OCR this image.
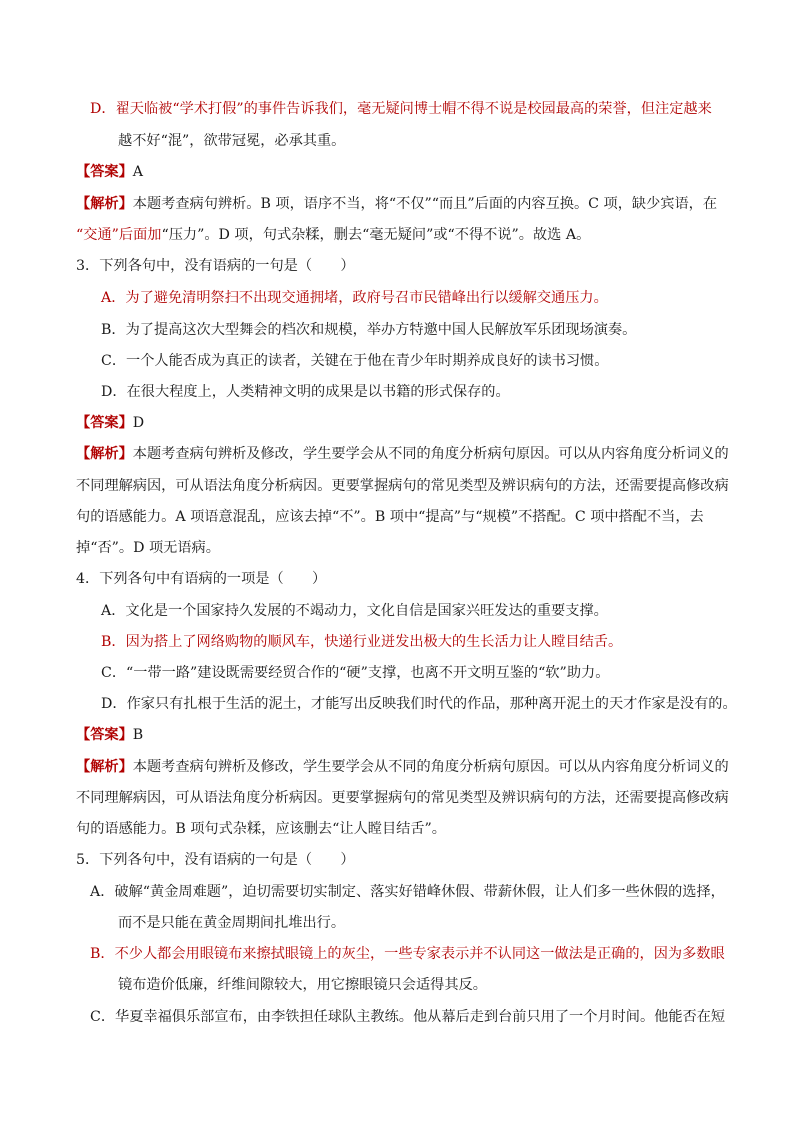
D．翟天临被“学术打假”的事件告诉我们，毫无疑问博士帽不得不说是校园最高的荣誉，但注定越来
越不好“混”，欲带冠冕，必承其重。
【答案】A
【解析】本题考查病句辨析。B 项，语序不当，将“不仅”“而且”后面的内容互换。C 项，缺少宾语，在
“交通”后面加“压力”。D 项，句式杂糅，删去“毫无疑问”或“不得不说”。故选 A。
3．下列各句中，没有语病的一句是（　　）
A．为了避免清明祭扫不出现交通拥堵，政府号召市民错峰出行以缓解交通压力。
B．为了提高这次大型舞会的档次和规模，举办方特邀中国人民解放军乐团现场演奏。
C．一个人能否成为真正的读者，关键在于他在青少年时期养成良好的读书习惯。
D．在很大程度上，人类精神文明的成果是以书籍的形式保存的。
【答案】D
【解析】本题考查病句辨析及修改，学生要学会从不同的角度分析病句原因。可以从内容角度分析词义的
不同理解病因，可从语法角度分析病因。更要掌握病句的常见类型及辨识病句的方法，还需要提高修改病
句的语感能力。A 项语意混乱，应该去掉“不”。B 项中“提高”与“规模”不搭配。C 项中搭配不当，去
掉“否”。D 项无语病。
4．下列各句中有语病的一项是（　　）
A．文化是一个国家持久发展的不竭动力，文化自信是国家兴旺发达的重要支撑。
B．因为搭上了网络购物的顺风车，快递行业迸发出极大的生长活力让人瞠目结舌。
C．“一带一路”建设既需要经贸合作的“硬”支撑，也离不开文明互鉴的“软”助力。
D．作家只有扎根于生活的泥土，才能写出反映我们时代的作品，那种离开泥土的天才作家是没有的。
【答案】B
【解析】本题考查病句辨析及修改，学生要学会从不同的角度分析病句原因。可以从内容角度分析词义的
不同理解病因，可从语法角度分析病因。更要掌握病句的常见类型及辨识病句的方法，还需要提高修改病
句的语感能力。B 项句式杂糅，应该删去“让人瞠目结舌”。
5．下列各句中，没有语病的一句是（　　）
A．破解“黄金周难题”，迫切需要切实制定、落实好错峰休假、带薪休假，让人们多一些休假的选择，
而不是只能在黄金周期间扎堆出行。
B．不少人都会用眼镜布来擦拭眼镜上的灰尘，一些专家表示并不认同这一做法是正确的，因为多数眼
镜布造价低廉，纤维间隙较大，用它擦眼镜只会适得其反。
C．华夏幸福俱乐部宣布，由李铁担任球队主教练。他从幕后走到台前只用了一个月时间。他能否在短
